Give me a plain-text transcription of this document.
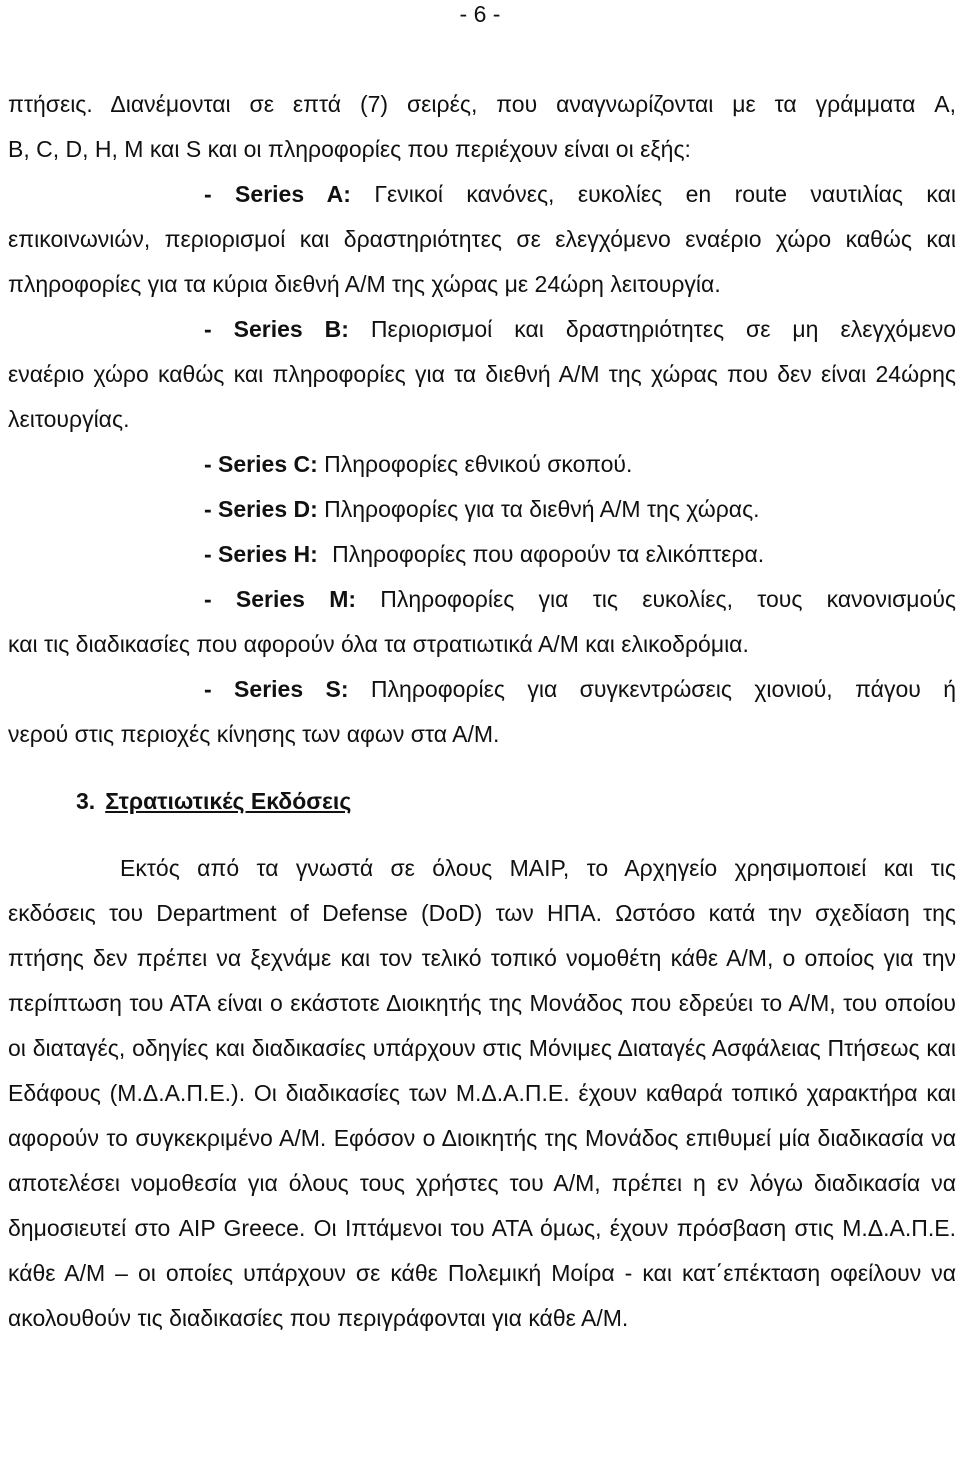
- 6 -

πτήσεις. Διανέμονται σε επτά (7) σειρές, που αναγνωρίζονται με τα γράμματα A,

B, C, D, H, M και S και οι πληροφορίες που περιέχουν είναι οι εξής:

- Series A: Γενικοί κανόνες, ευκολίες en route ναυτιλίας και

επικοινωνιών, περιορισμοί και δραστηριότητες σε ελεγχόμενο εναέριο χώρο καθώς και πληροφορίες για τα κύρια διεθνή Α/Μ της χώρας με 24ώρη λειτουργία.

- Series B: Περιορισμοί και δραστηριότητες σε μη ελεγχόμενο

εναέριο χώρο καθώς και πληροφορίες για τα διεθνή Α/Μ της χώρας που δεν είναι 24ώρης λειτουργίας.

- Series C: Πληροφορίες εθνικού σκοπού.

- Series D: Πληροφορίες για τα διεθνή Α/Μ της χώρας.

- Series H: Πληροφορίες που αφορούν τα ελικόπτερα.

- Series M: Πληροφορίες για τις ευκολίες, τους κανονισμούς

και τις διαδικασίες που αφορούν όλα τα στρατιωτικά Α/Μ και ελικοδρόμια.

- Series S: Πληροφορίες για συγκεντρώσεις χιονιού, πάγου ή

νερού στις περιοχές κίνησης των αφων στα Α/Μ.

3. Στρατιωτικές Εκδόσεις

Εκτός από τα γνωστά σε όλους MAIP, το Αρχηγείο χρησιμοποιεί και τις

εκδόσεις του Department of Defense (DoD) των ΗΠΑ. Ωστόσο κατά την σχεδίαση της πτήσης δεν πρέπει να ξεχνάμε και τον τελικό τοπικό νομοθέτη κάθε Α/Μ, ο οποίος για την περίπτωση του ΑΤΑ είναι ο εκάστοτε Διοικητής της Μονάδος που εδρεύει το Α/Μ, του οποίου οι διαταγές, οδηγίες και διαδικασίες υπάρχουν στις Μόνιμες Διαταγές Ασφάλειας Πτήσεως και Εδάφους (Μ.Δ.Α.Π.Ε.). Οι διαδικασίες των Μ.Δ.Α.Π.Ε. έχουν καθαρά τοπικό χαρακτήρα και αφορούν το συγκεκριμένο Α/Μ. Εφόσον ο Διοικητής της Μονάδος επιθυμεί μία διαδικασία να αποτελέσει νομοθεσία για όλους τους χρήστες του Α/Μ, πρέπει η εν λόγω διαδικασία να δημοσιευτεί στο AIP Greece. Οι Ιπτάμενοι του ΑΤΑ όμως, έχουν πρόσβαση στις Μ.Δ.Α.Π.Ε. κάθε Α/Μ – οι οποίες υπάρχουν σε κάθε Πολεμική Μοίρα - και κατ΄επέκταση οφείλουν να ακολουθούν τις διαδικασίες που περιγράφονται για κάθε Α/Μ.
